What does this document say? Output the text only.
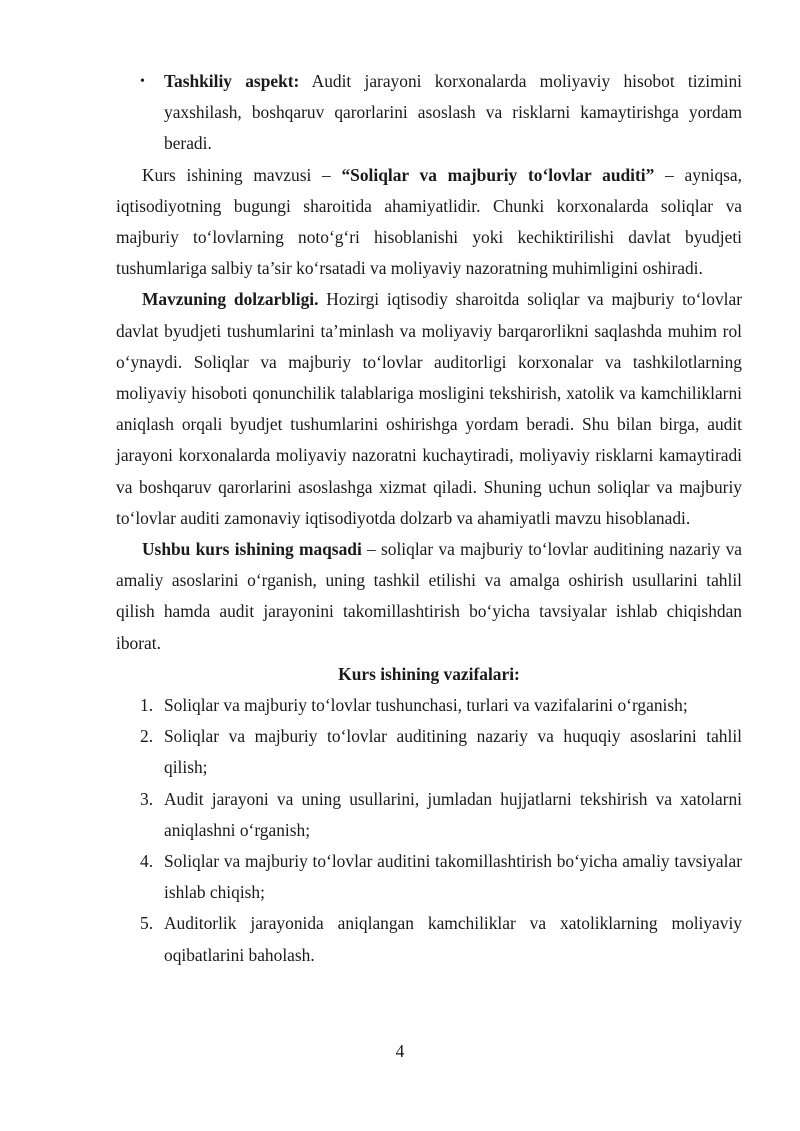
• Tashkiliy aspekt: Audit jarayoni korxonalarda moliyaviy hisobot tizimini yaxshilash, boshqaruv qarorlarini asoslash va risklarni kamaytirishga yordam beradi.

Kurs ishining mavzusi – “Soliqlar va majburiy to‘lovlar auditi” – ayniqsa, iqtisodiyotning bugungi sharoitida ahamiyatlidir. Chunki korxonalarda soliqlar va majburiy to‘lovlarning noto‘g‘ri hisoblanishi yoki kechiktirilishi davlat byudjeti tushumlariga salbiy ta’sir ko‘rsatadi va moliyaviy nazoratning muhimligini oshiradi.

Mavzuning dolzarbligi. Hozirgi iqtisodiy sharoitda soliqlar va majburiy to‘lovlar davlat byudjeti tushumlarini ta’minlash va moliyaviy barqarorlikni saqlashda muhim rol o‘ynaydi. Soliqlar va majburiy to‘lovlar auditorligi korxonalar va tashkilotlarning moliyaviy hisoboti qonunchilik talablariga mosligini tekshirish, xatolik va kamchiliklarni aniqlash orqali byudjet tushumlarini oshirishga yordam beradi. Shu bilan birga, audit jarayoni korxonalarda moliyaviy nazoratni kuchaytiradi, moliyaviy risklarni kamaytiradi va boshqaruv qarorlarini asoslashga xizmat qiladi. Shuning uchun soliqlar va majburiy to‘lovlar auditi zamonaviy iqtisodiyotda dolzarb va ahamiyatli mavzu hisoblanadi.

Ushbu kurs ishining maqsadi – soliqlar va majburiy to‘lovlar auditining nazariy va amaliy asoslarini o‘rganish, uning tashkil etilishi va amalga oshirish usullarini tahlil qilish hamda audit jarayonini takomillashtirish bo‘yicha tavsiyalar ishlab chiqishdan iborat.

Kurs ishining vazifalari:

1. Soliqlar va majburiy to‘lovlar tushunchasi, turlari va vazifalarini o‘rganish;
2. Soliqlar va majburiy to‘lovlar auditining nazariy va huquqiy asoslarini tahlil qilish;
3. Audit jarayoni va uning usullarini, jumladan hujjatlarni tekshirish va xatolarni aniqlashni o‘rganish;
4. Soliqlar va majburiy to‘lovlar auditini takomillashtirish bo‘yicha amaliy tavsiyalar ishlab chiqish;
5. Auditorlik jarayonida aniqlangan kamchiliklar va xatoliklarning moliyaviy oqibatlarini baholash.
4
